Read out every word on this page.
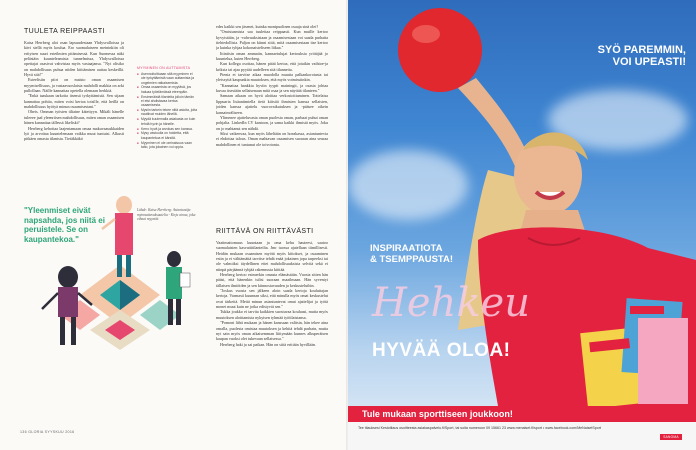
TUULETA REIPPAASTI

Kaisa Herrberg aloi osan lapsuudestaan Yhdysvalloissa ja kävi siellä myös koulua. Ero suomalaiseen meininkiin oli erityisen suuri esteilmien pitämisessä. Kun Suomessa näki pelästäin kuunteleamista tunnelmissa, Yhdysvalloissa opettajat osasivat vahvistaa myös vastaajansa. "Nyt olisiko on mahdollisuus puhua niiden kiittämisen auttaa keskeillä. Hyvä sitä!"

Esteelisiin piirt on maisto oman osaamisen myymisellisuus, ja vastaavuoslaisia mahdolli makkia on arki pullollaan. Näille kannattaa opetella olemaan herkkiä.

"Enkä taaskaan tarkoita itsensä tyrkyttämistä. Sen sijaan kannattaa pohtia, miten voisi kertoa toisille, että heillä on mahdollisuus hyötyä minun osaamisestani."

Oheis. Omman työsien tiliaine kätettyyn. Mikäli hänelle tuleeee jaal yleenriisen mahdollisuus, miten oman osaamisen hänen kannattaa tällessä likeliski?

Herrberg kehottaa laajentamaan omaa makuvaasukkaiden lyö ja arvottaa kuuntelemaan vaikka muut tuntuisi. Alkusti pitkäen omasta tilanista. Tietäkkäkö

MYYMINEN ON AUTTAMISTA
■ Asennoitoittuaan sitä myyminen ei ole tyrkyttämistä vaan auttamista ja ongelmien ratkaisemista.
■ Omaa osaamista on myytävä, jos haluaa työelämässä eteenpäin.
■ Ensimmäistä tilanteita jolloin tämän ei etsi ahdistavaa kertoa osaamisesta.
■ Mysiin tarkein tekee niitä asioita, joita nauttivat muiden lähellä.
■ Myydä kuulemalla asiakasta on kuin tehdä hyvin ja hänelle.
■ Kerro hyvä ja arvokas sen kanssa.
■ Mysy vastuulla on hoidetta, että kaupantekoa ei kärsitä.
■ Myyminen ei ole ominaisuus vaan taito, jota jokainen voi oppia.
Lähde: Kaisa Herrberg: Asiantuntija myinnattavaksuutelia - Kirja ainoa, joka vihaat myyntiä.

edes kaikki sen jäsenet, kuinka monipuolinen osaaja sinä olet?

"Omistusmista saa tuulettaa reippaasti. Kun muille kertoo kyvyistään, ja -vahvuuksistaan ja osaamisestaan voi saada parhaita tiehiedollisia. Paljon on kiinni siitä, mitä osaamisestaan itse kertoo ja kuinka tyhjaa kokonaisteliseen liikaa."

Ittiniisin oman ammatin, kannaetulujat kertouksia yrittäjää jo kuuntelua, kuten Herrberg.

Kun kollega osottaa, hänen pitää kertoa, että joiaikin vaihtoe-ja kriksia tai ajaa pyytää uudelleen sitä tilannetta.

Pienia et tarvitse aikaa muodolla muutta palkankorotusta tai yleissyttä kaupunkia muutoksen, että myös voimissiinkin.

"Kannattaa hankkia hyviin tyypit mainingit, ja osasta johtaa kuvaa itsestään sellaisenaan mitä osaa ja sen näyttää tilanteen."

Samaan aikaan on hyvä aloittaa verkostoittaminen. Tottelaisa lippuaria lisäantimiella tietä kiitsiiä ihmisten kanssa sellaisten, joiden kanssa ajattelu vuorovaikutuksen ja -pääsee oikein kansainväliseen.

Ylimenee ajatteluvasta oman puolesta oman, parhaat puhut oman pohjalta. LinkedIn CV kantoon, ja sama kaikki ihmistä myös. Joku on jo mahtanut sen nähdä.

Siksi vaikenvaa, kun myös läheltään on hoeakassa, asiantuntevia ei ehdottaa talous. Oman mahtavan osaamisen suoraan aina seuraa mahdollinen ei tuntunut ole toivotonta.

RIITTÄVÄ ON RIITTÄVÄSTI

Vaatimattomuus kuuntaan ja oma kehu hauteesi, saatoo suomalaisten kasvattitilanteilta. Jmr tuossa ajatellaan tiimillisesti. Heidän mukaan osaamisen myötä myös kiitokset, ja osaaminen esiin ja ei välttämättä tarvitse tehdä enää jokainen jopa tarpeeksi tai ole valmiiksi täydellinen ettei mahdollisuuksista selvitä sekä ei niinpä pärjäännä tyhjää rakennusta kiittää.

Herrberg kertoo esimerkin omasta elämästään. Vuosia sitten hän pääsi, että hänenkin tulisi suoraan maailmaan. Hän syventyi tällaisen ilmiöiden ja sen kiinnostavuuden ja keskusteluihin.

"Joskus vuosia sen jälkeen aloin saada kertoja kouluttajan kertoja. Varmasti kuunnan siksi, että minulla myös omat keskustelut ovat tärkeitä. Meitä minun asiantuntevat omat ajattelijat ja työtä monet muut kuin ne jotka edistyvät sen."

Tukka joukko ei tarvita kaikkien suostuvaa kouluasi, mutta myös muutoksen aloittamista nykyisen tyhmää työtilaistansa.

"Pomoni lähti mukaan ja hänen kanssaan valitsin, hän tekee aina omalla, puolesta omistaa muutoksen ja kehitä tehdä parhain, mutta nyt sain myös oman aikaisemman liittymään kunnes alkuperäisen kaupan vuoksi olet tukevaan sellaisessa."

Herrberg haki ja sai paikan. Hän on siitä erittäin hyvillään.

"Yleenmiset eivät napsahda, jos niitä ei peruistele. Se on kaupantekoa."
136 GLORIA SYYSKUU 2016
SYÖ PAREMMIN,
VOI UPEASTI!
INSPIRAATIOTA
& TSEMPPAUSTA!
Hehkeu
HYVÄÄ OLOA!
Tule mukaan sporttiseen joukkoon!
Tee tilauksesi Kestotilaus osoitteesta asiakaspalvelu.fi/Sport, tai soita numeroon 09 15661 23 www.menaiset.fi/sport • www.facebook.com/MeNaisetSport
SANOMA
